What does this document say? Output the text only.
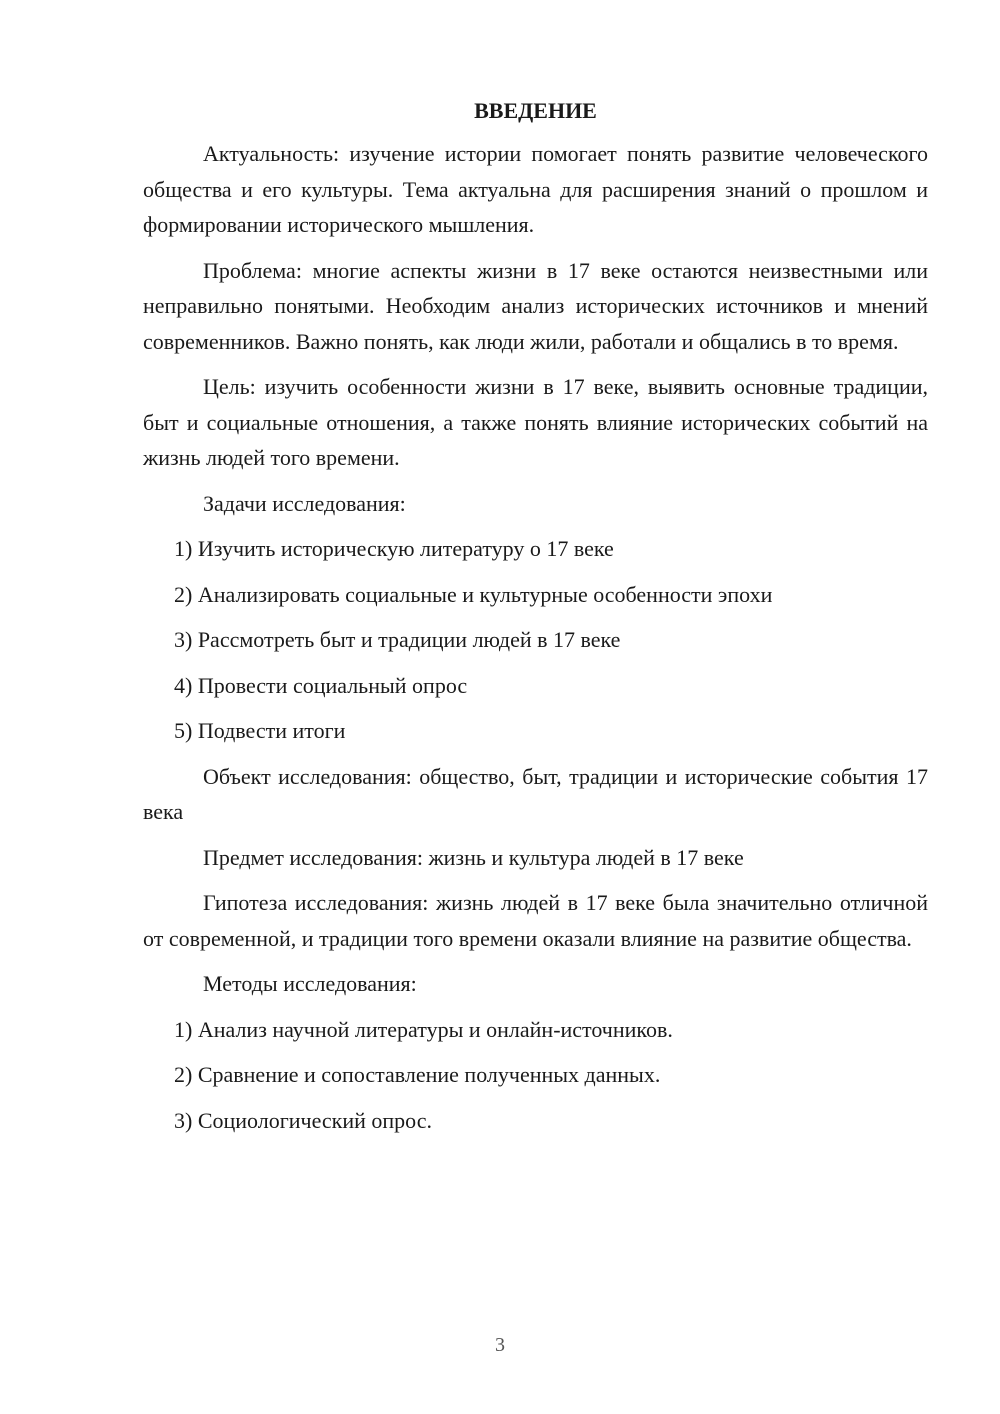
ВВЕДЕНИЕ
Актуальность: изучение истории помогает понять развитие человеческого общества и его культуры. Тема актуальна для расширения знаний о прошлом и формировании исторического мышления.
Проблема: многие аспекты жизни в 17 веке остаются неизвестными или неправильно понятыми. Необходим анализ исторических источников и мнений современников. Важно понять, как люди жили, работали и общались в то время.
Цель: изучить особенности жизни в 17 веке, выявить основные традиции, быт и социальные отношения, а также понять влияние исторических событий на жизнь людей того времени.
Задачи исследования:
1) Изучить историческую литературу о 17 веке
2) Анализировать социальные и культурные особенности эпохи
3) Рассмотреть быт и традиции людей в 17 веке
4) Провести социальный опрос
5) Подвести итоги
Объект исследования: общество, быт, традиции и исторические события 17 века
Предмет исследования: жизнь и культура людей в 17 веке
Гипотеза исследования: жизнь людей в 17 веке была значительно отличной от современной, и традиции того времени оказали влияние на развитие общества.
Методы исследования:
1) Анализ научной литературы и онлайн-источников.
2) Сравнение и сопоставление полученных данных.
3) Социологический опрос.
3
